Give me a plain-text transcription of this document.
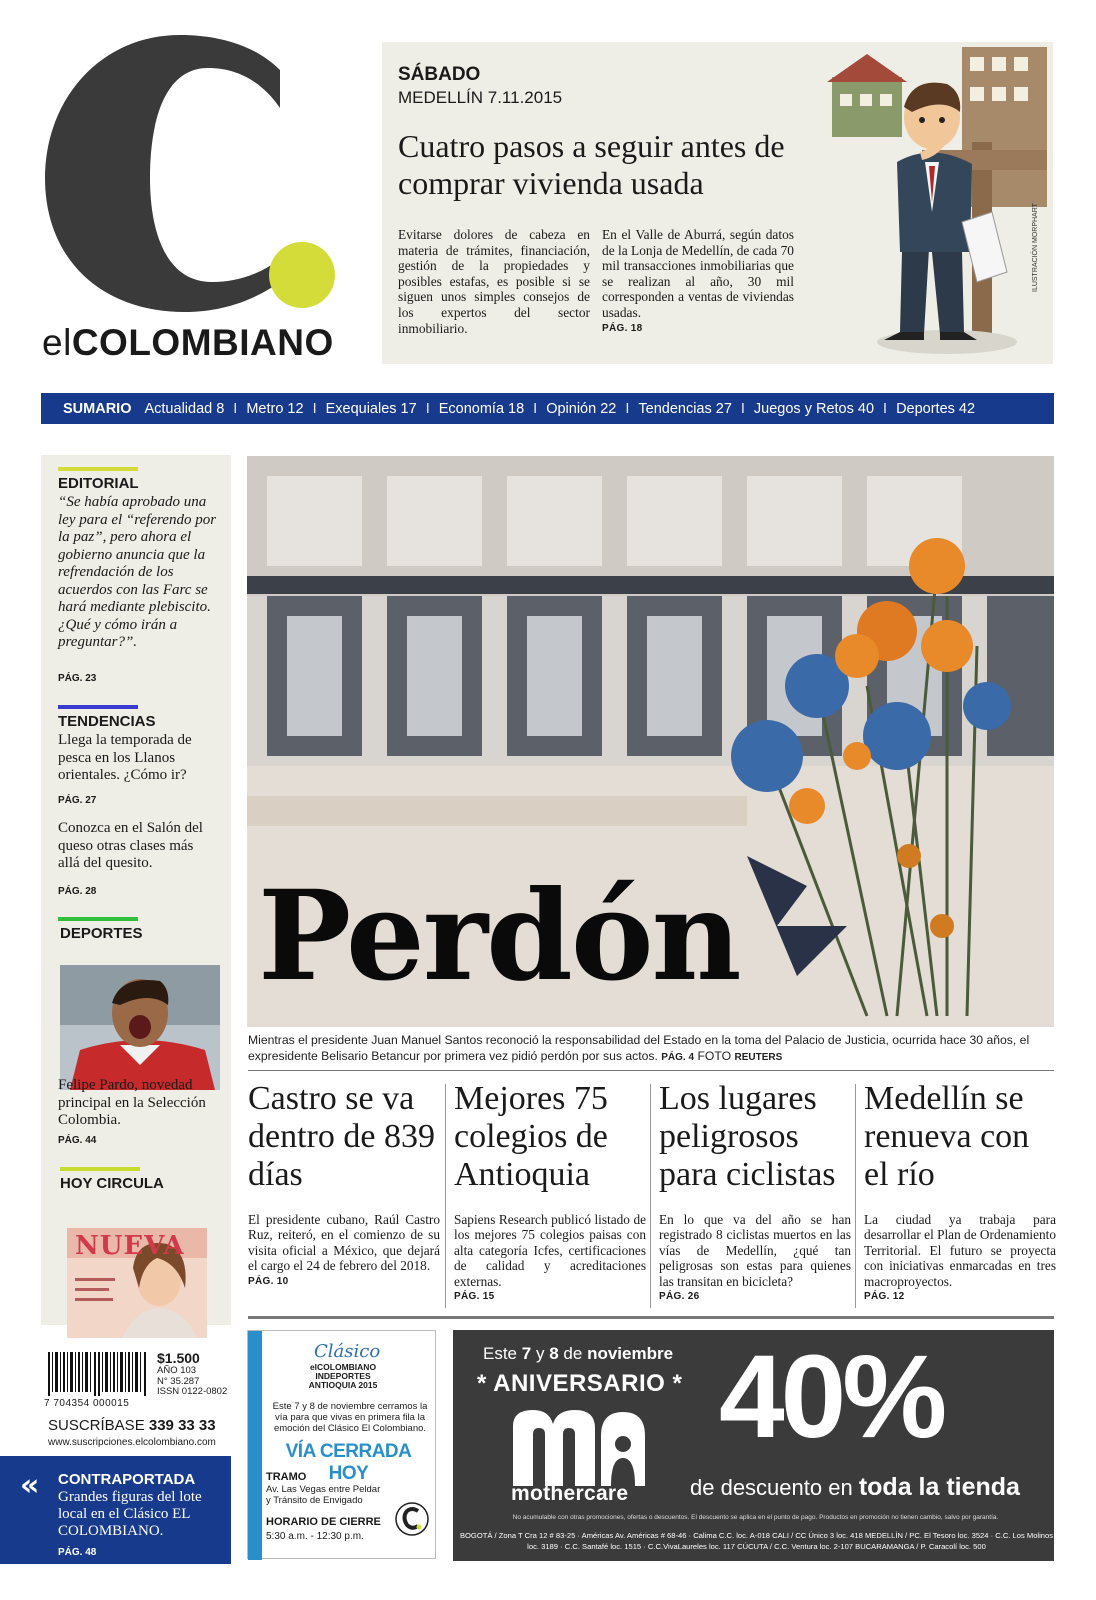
elCOLOMBIANO
SÁBADO
MEDELLÍN 7.11.2015
Cuatro pasos a seguir antes de comprar vivienda usada
Evitarse dolores de cabeza en materia de trámites, financiación, gestión de la propiedades y posibles estafas, es posible si se siguen unos simples consejos de los expertos del sector inmobiliario.
En el Valle de Aburrá, según datos de la Lonja de Medellín, de cada 70 mil transacciones inmobiliarias que se realizan al año, 30 mil corresponden a ventas de viviendas usadas.
PÁG. 18
ILUSTRACIÓN MORPHART
SUMARIO Actualidad 8 I Metro 12 I Exequiales 17 I Economía 18 I Opinión 22 I Tendencias 27 I Juegos y Retos 40 I Deportes 42
EDITORIAL
“Se había aprobado una ley para el “referendo por la paz”, pero ahora el gobierno anuncia que la refrendación de los acuerdos con las Farc se hará mediante plebiscito. ¿Qué y cómo irán a preguntar?”.
PÁG. 23
TENDENCIAS
Llega la temporada de pesca en los Llanos orientales. ¿Cómo ir?
PÁG. 27
Conozca en el Salón del queso otras clases más allá del quesito.
PÁG. 28
DEPORTES
Felipe Pardo, novedad principal en la Selección Colombia.
PÁG. 44
HOY CIRCULA
NUEVA
Perdón
Mientras el presidente Juan Manuel Santos reconoció la responsabilidad del Estado en la toma del Palacio de Justicia, ocurrida hace 30 años, el expresidente Belisario Betancur por primera vez pidió perdón por sus actos. PÁG. 4 FOTO REUTERS
Castro se va dentro de 839 días

El presidente cubano, Raúl Castro Ruz, reiteró, en el comienzo de su visita oficial a México, que dejará el cargo el 24 de febrero del 2018.
PÁG. 10

Mejores 75 colegios de Antioquia

Sapiens Research publicó listado de los mejores 75 colegios paisas con alta categoría Icfes, certificaciones de calidad y acreditaciones externas.
PÁG. 15

Los lugares peligrosos para ciclistas

En lo que va del año se han registrado 8 ciclistas muertos en las vías de Medellín, ¿qué tan peligrosas son estas para quienes las transitan en bicicleta?
PÁG. 26

Medellín se renueva con el río

La ciudad ya trabaja para desarrollar el Plan de Ordenamiento Territorial. El futuro se proyecta con iniciativas enmarcadas en tres macroproyectos.
PÁG. 12

7 704354 000015
$1.500
AÑO 103
N° 35.287
ISSN 0122-0802
SUSCRÍBASE 339 33 33
www.suscripciones.elcolombiano.com
« CONTRAPORTADA
Grandes figuras del lote local en el Clásico EL COLOMBIANO.
PÁG. 48
Clásico
elCOLOMBIANO INDEPORTES ANTIOQUIA 2015
Este 7 y 8 de noviembre cerramos la vía para que vivas en primera fila la emoción del Clásico El Colombiano.
VÍA CERRADA HOY
TRAMO
Av. Las Vegas entre Peldar y Tránsito de Envigado
HORARIO DE CIERRE
5:30 a.m. - 12:30 p.m.
Este 7 y 8 de noviembre
* ANIVERSARIO *
mothercare
40%
de descuento en toda la tienda
No acumulable con otras promociones, ofertas o descuentos. El descuento se aplica en el punto de pago. Productos en promoción no tienen cambio, salvo por garantía.
BOGOTÁ / Zona T Cra 12 # 83-25 · Américas Av. Américas # 68-46 · Calima C.C. loc. A-018 CALI / CC Único 3 loc. 418 MEDELLÍN / PC. El Tesoro loc. 3524 · C.C. Los Molinos loc. 3189 · C.C. Santafé loc. 1515 · C.C.VivaLaureles loc. 117 CÚCUTA / C.C. Ventura loc. 2-107 BUCARAMANGA / P. Caracolí loc. 500
